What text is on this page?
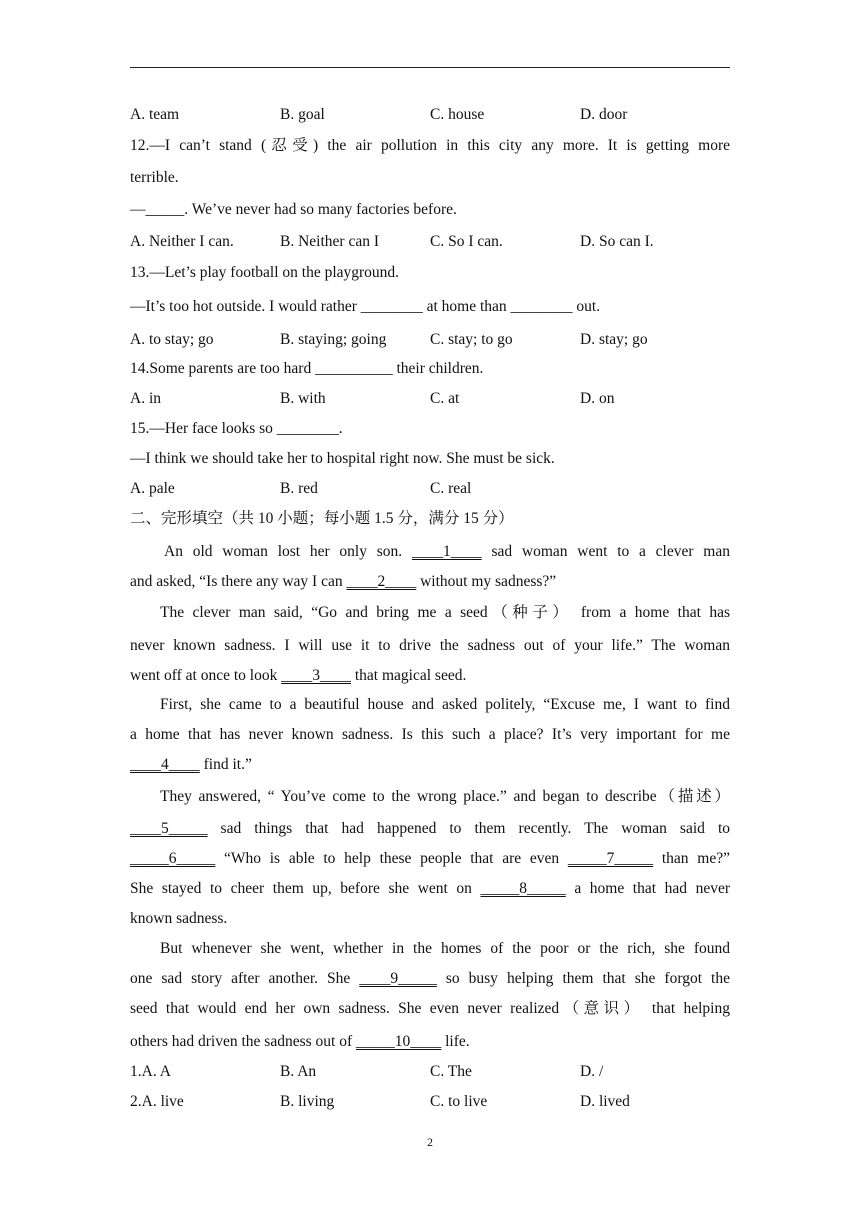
A. team	B. goal	C. house	D. door
12.—I can’t stand (忍受) the air pollution in this city any more. It is getting more
terrible.
—_____. We’ve never had so many factories before.
A. Neither I can.	B. Neither can I	C. So I can.	D. So can I.
13.—Let’s play football on the playground.
—It’s too hot outside. I would rather ________ at home than ________ out.
A. to stay; go	B. staying; going	C. stay; to go	D. stay; go
14.Some parents are too hard __________ their children.
A. in	B. with	C. at	D. on
15.—Her face looks so ________.
—I think we should take her to hospital right now. She must be sick.
A. pale	B. red	C. real
二、完形填空（共 10 小题；每小题 1.5 分，满分 15 分）
An old woman lost her only son. ____1____ sad woman went to a clever man
and asked, “Is there any way I can ____2____ without my sadness?”
The clever man said, “Go and bring me a seed（种子） from a home that has
never known sadness. I will use it to drive the sadness out of your life.” The woman
went off at once to look ____3____ that magical seed.
First, she came to a beautiful house and asked politely, “Excuse me, I want to find
a home that has never known sadness. Is this such a place? It’s very important for me
____4____ find it.”
They answered, “ You’ve come to the wrong place.” and began to describe（描述）
____5_____ sad things that had happened to them recently. The woman said to
_____6_____ “Who is able to help these people that are even _____7_____ than me?”
She stayed to cheer them up, before she went on _____8_____ a home that had never
known sadness.
But whenever she went, whether in the homes of the poor or the rich, she found
one sad story after another. She ____9_____ so busy helping them that she forgot the
seed that would end her own sadness. She even never realized（意识） that helping
others had driven the sadness out of _____10____ life.
1.A. A	B. An	C. The	D. /
2.A. live	B. living	C. to live	D. lived
2
